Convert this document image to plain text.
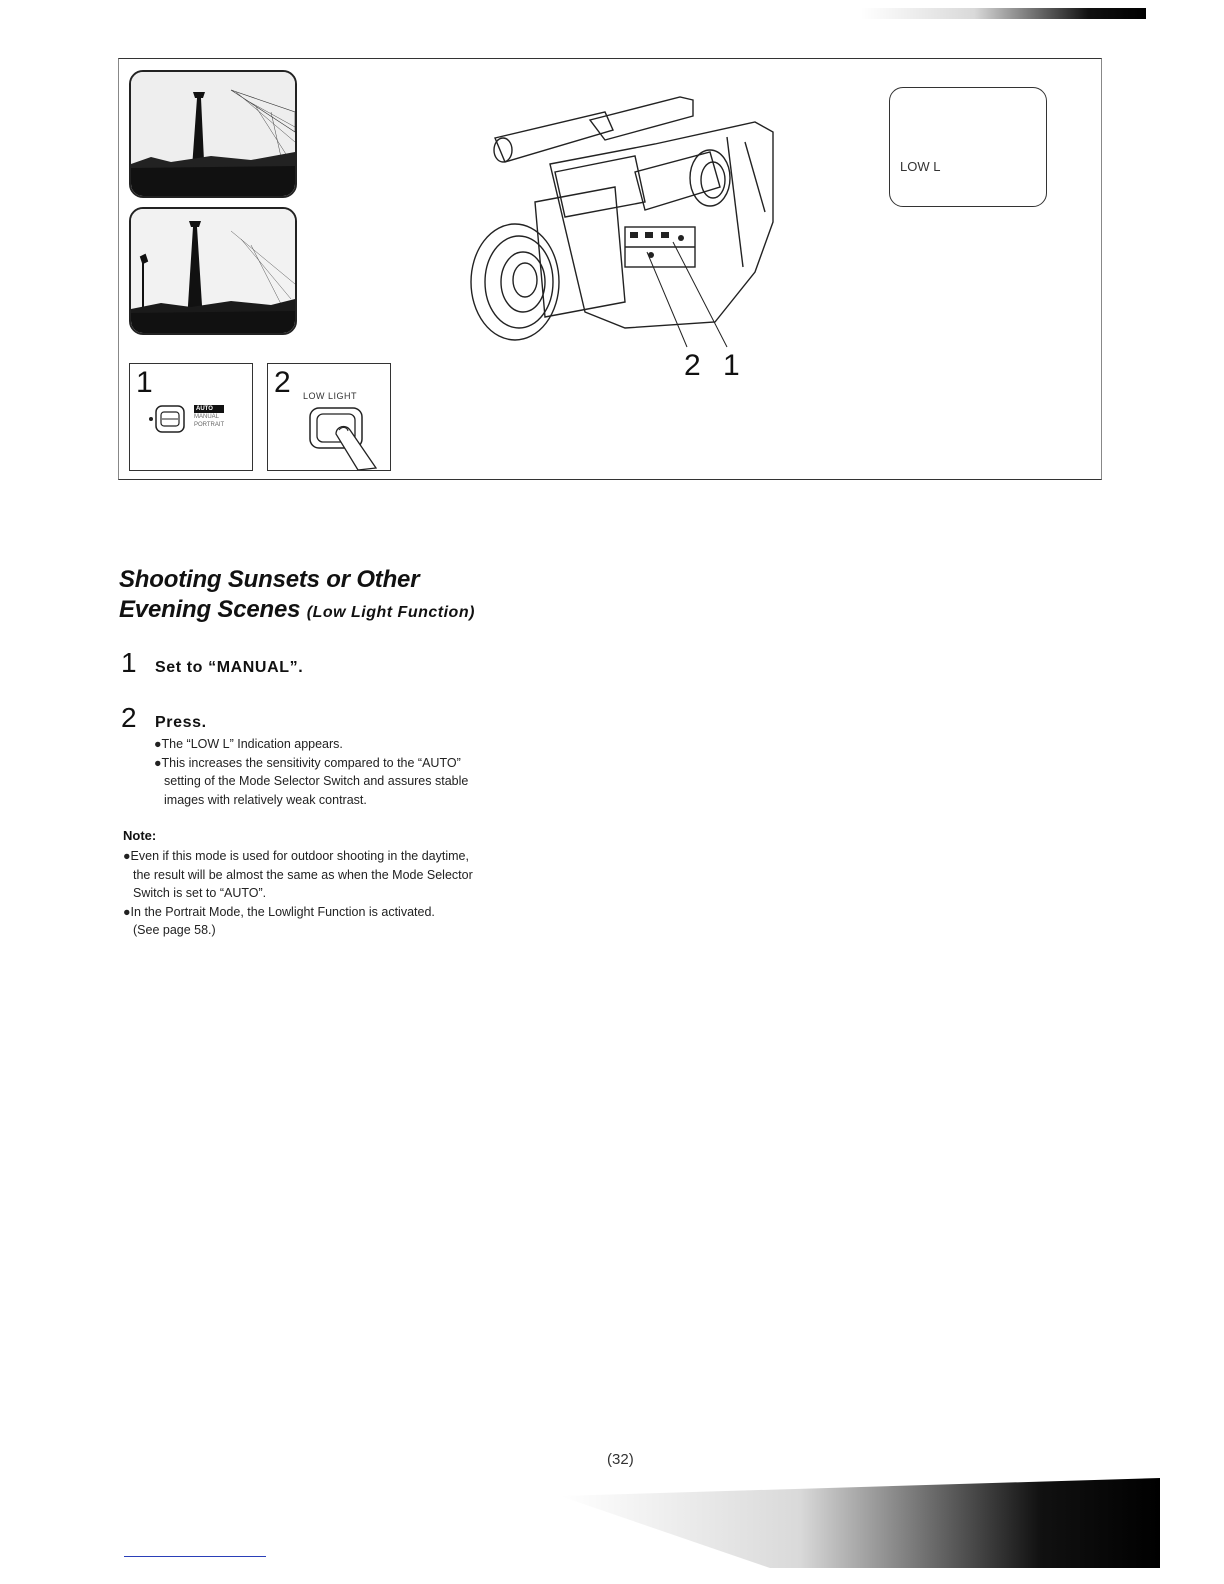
1
AUTO
MANUAL
PORTRAIT
2 LOW LIGHT
2 1
LOW L
Shooting Sunsets or Other
Evening Scenes (Low Light Function)
1 Set to “MANUAL”.
2 Press.

●The “LOW L” Indication appears.

●This increases the sensitivity compared to the “AUTO”

setting of the Mode Selector Switch and assures stable

images with relatively weak contrast.

Note:

●Even if this mode is used for outdoor shooting in the daytime,

the result will be almost the same as when the Mode Selector

Switch is set to “AUTO”.

●In the Portrait Mode, the Lowlight Function is activated.

(See page 58.)

(32)
